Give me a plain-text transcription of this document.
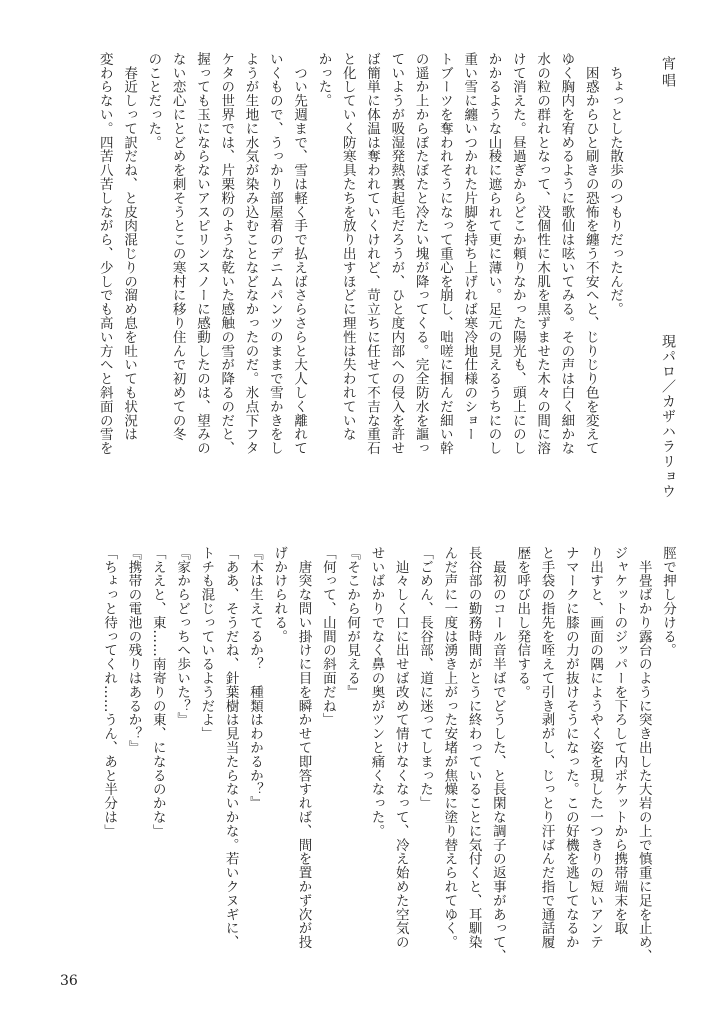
宵唱
現パロ／カザハラリョウ

　ちょっとした散歩のつもりだったんだ。

　困惑からひと刷きの恐怖を纏う不安へと、じりじり色を変えて

ゆく胸内を宥めるように歌仙は呟いてみる。その声は白く細かな

水の粒の群れとなって、没個性に木肌を黒ずませた木々の間に溶

けて消えた。昼過ぎからどこか頼りなかった陽光も、頭上にのし

かかるような山稜に遮られて更に薄い。足元の見えるうちにのし

重い雪に纏いつかれた片脚を持ち上げれば寒冷地仕様のショー

トブーツを奪われそうになって重心を崩し、咄嗟に掴んだ細い幹

の遥か上からぼたぼたと冷たい塊が降ってくる。完全防水を謳っ

ていようが吸湿発熱裏起毛だろうが、ひと度内部への侵入を許せ

ば簡単に体温は奪われていくけれど、苛立ちに任せて不吉な重石

と化していく防寒具たちを放り出すほどに理性は失われていな

かった。

　つい先週まで、雪は軽く手で払えばさらさらと大人しく離れて

いくもので、うっかり部屋着のデニムパンツのままで雪かきをし

ようが生地に水気が染み込むことなどなかったのだ。氷点下フタ

ケタの世界では、片栗粉のような乾いた感触の雪が降るのだと、

握っても玉にならないアスピリンスノーに感動したのは、望みの

ない恋心にとどめを刺そうとこの寒村に移り住んで初めての冬

のことだった。

　春近しって訳だね、と皮肉混じりの溜め息を吐いても状況は

変わらない。四苦八苦しながら、少しでも高い方へと斜面の雪を

脛で押し分ける。

　半畳ばかり露台のように突き出した大岩の上で慎重に足を止め、

ジャケットのジッパーを下ろして内ポケットから携帯端末を取

り出すと、画面の隅にようやく姿を現した一つきりの短いアンテ

ナマークに膝の力が抜けそうになった。この好機を逃してなるか

と手袋の指先を咥えて引き剥がし、じっとり汗ばんだ指で通話履

歴を呼び出し発信する。

　最初のコール音半ばでどうした、と長閑な調子の返事があって、

長谷部の勤務時間がとうに終わっていることに気付くと、耳馴染

んだ声に一度は湧き上がった安堵が焦燥に塗り替えられてゆく。

「ごめん、長谷部、道に迷ってしまった」

　辿々しく口に出せば改めて情けなくなって、冷え始めた空気の

せいばかりでなく鼻の奥がツンと痛くなった。

『そこから何が見える』

「何って、山間の斜面だね」

　唐突な問い掛けに目を瞬かせて即答すれば、間を置かず次が投

げかけられる。

『木は生えてるか？　種類はわかるか？』

「ああ、そうだね、針葉樹は見当たらないかな。若いクヌギに、

トチも混じっているようだよ」

『家からどっちへ歩いた？』

「ええと、東……南寄りの東、になるのかな」

『携帯の電池の残りはあるか？』

「ちょっと待ってくれ……うん、あと半分は」

36
